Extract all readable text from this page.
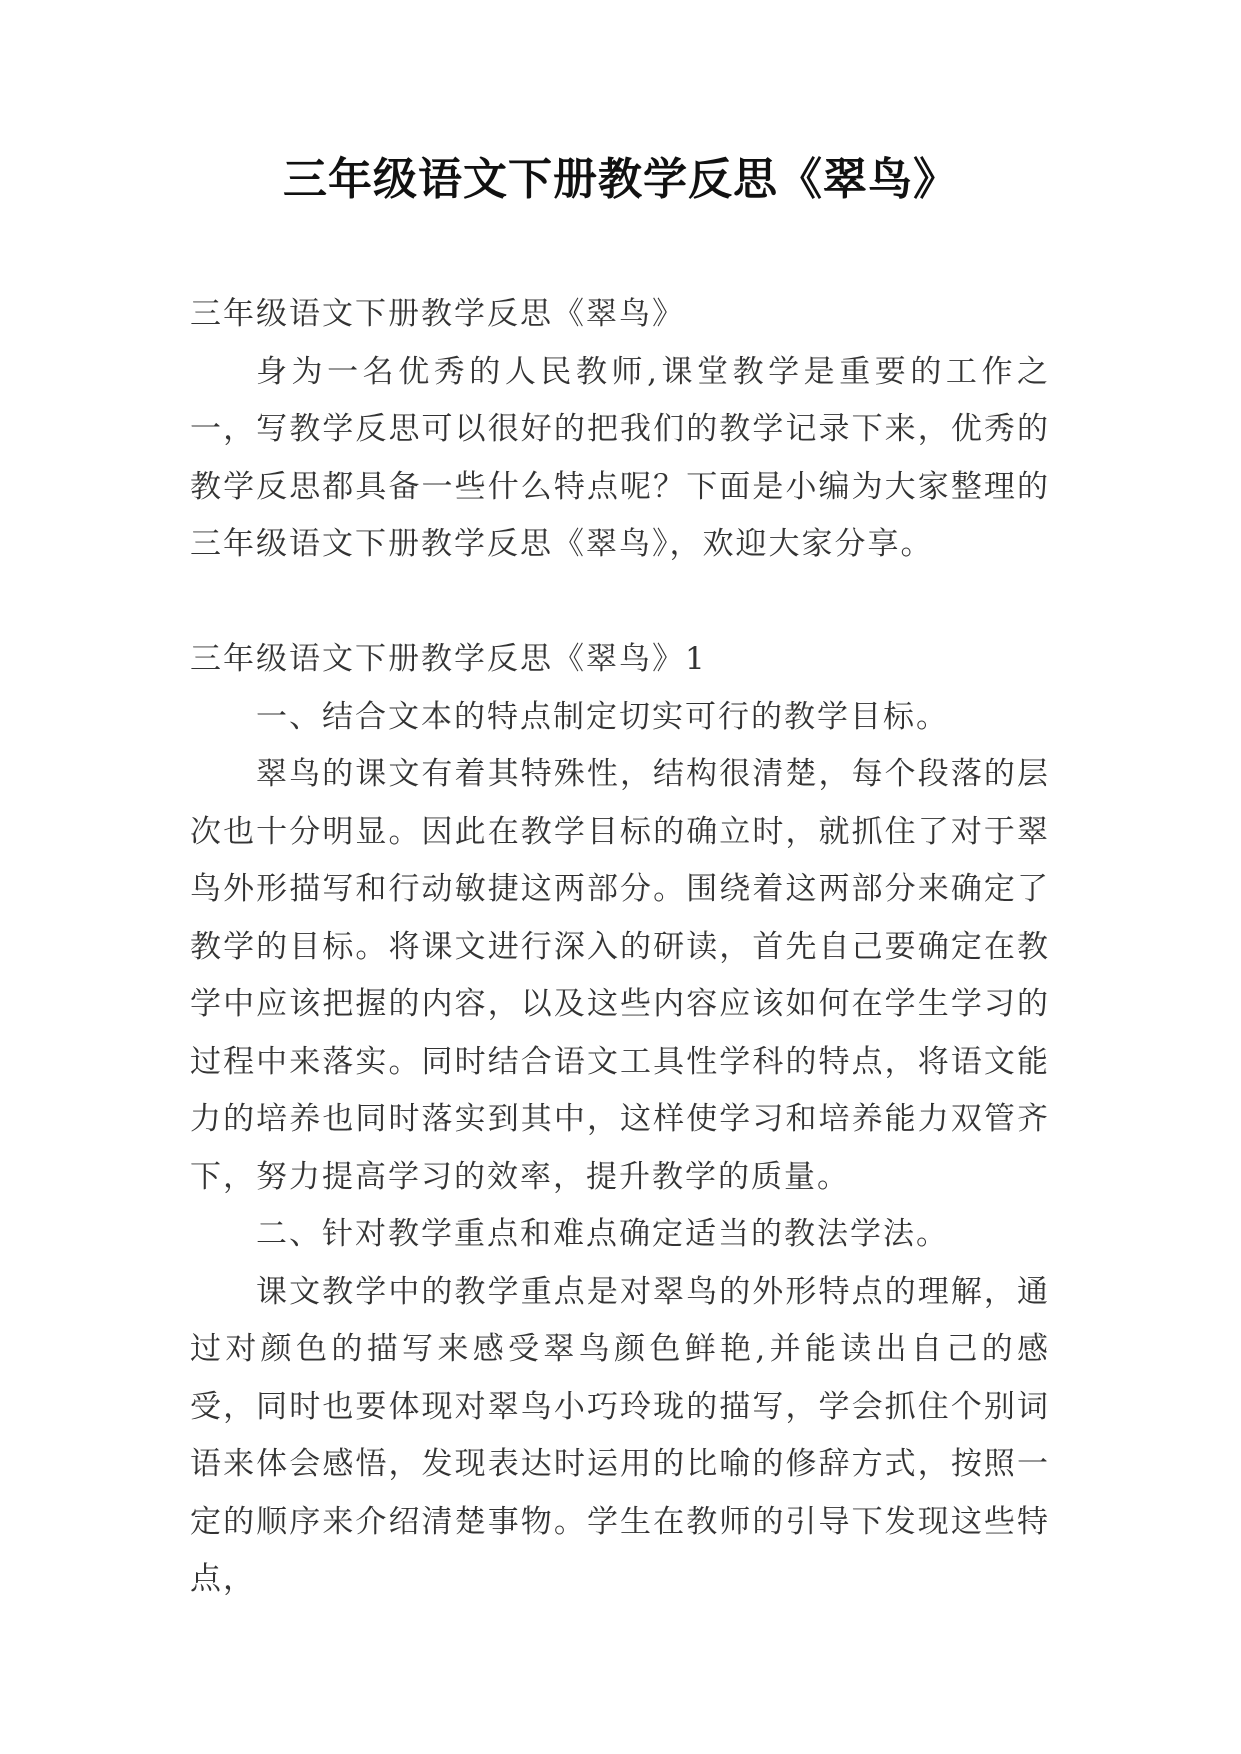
三年级语文下册教学反思《翠鸟》

三年级语文下册教学反思《翠鸟》

身为一名优秀的人民教师,课堂教学是重要的工作之一，写教学反思可以很好的把我们的教学记录下来，优秀的教学反思都具备一些什么特点呢？下面是小编为大家整理的三年级语文下册教学反思《翠鸟》，欢迎大家分享。

三年级语文下册教学反思《翠鸟》1

一、结合文本的特点制定切实可行的教学目标。

翠鸟的课文有着其特殊性，结构很清楚，每个段落的层次也十分明显。因此在教学目标的确立时，就抓住了对于翠鸟外形描写和行动敏捷这两部分。围绕着这两部分来确定了教学的目标。将课文进行深入的研读，首先自己要确定在教学中应该把握的内容，以及这些内容应该如何在学生学习的过程中来落实。同时结合语文工具性学科的特点，将语文能力的培养也同时落实到其中，这样使学习和培养能力双管齐下，努力提高学习的效率，提升教学的质量。

二、针对教学重点和难点确定适当的教法学法。

课文教学中的教学重点是对翠鸟的外形特点的理解，通过对颜色的描写来感受翠鸟颜色鲜艳,并能读出自己的感受，同时也要体现对翠鸟小巧玲珑的描写，学会抓住个别词语来体会感悟，发现表达时运用的比喻的修辞方式，按照一定的顺序来介绍清楚事物。学生在教师的引导下发现这些特点，
